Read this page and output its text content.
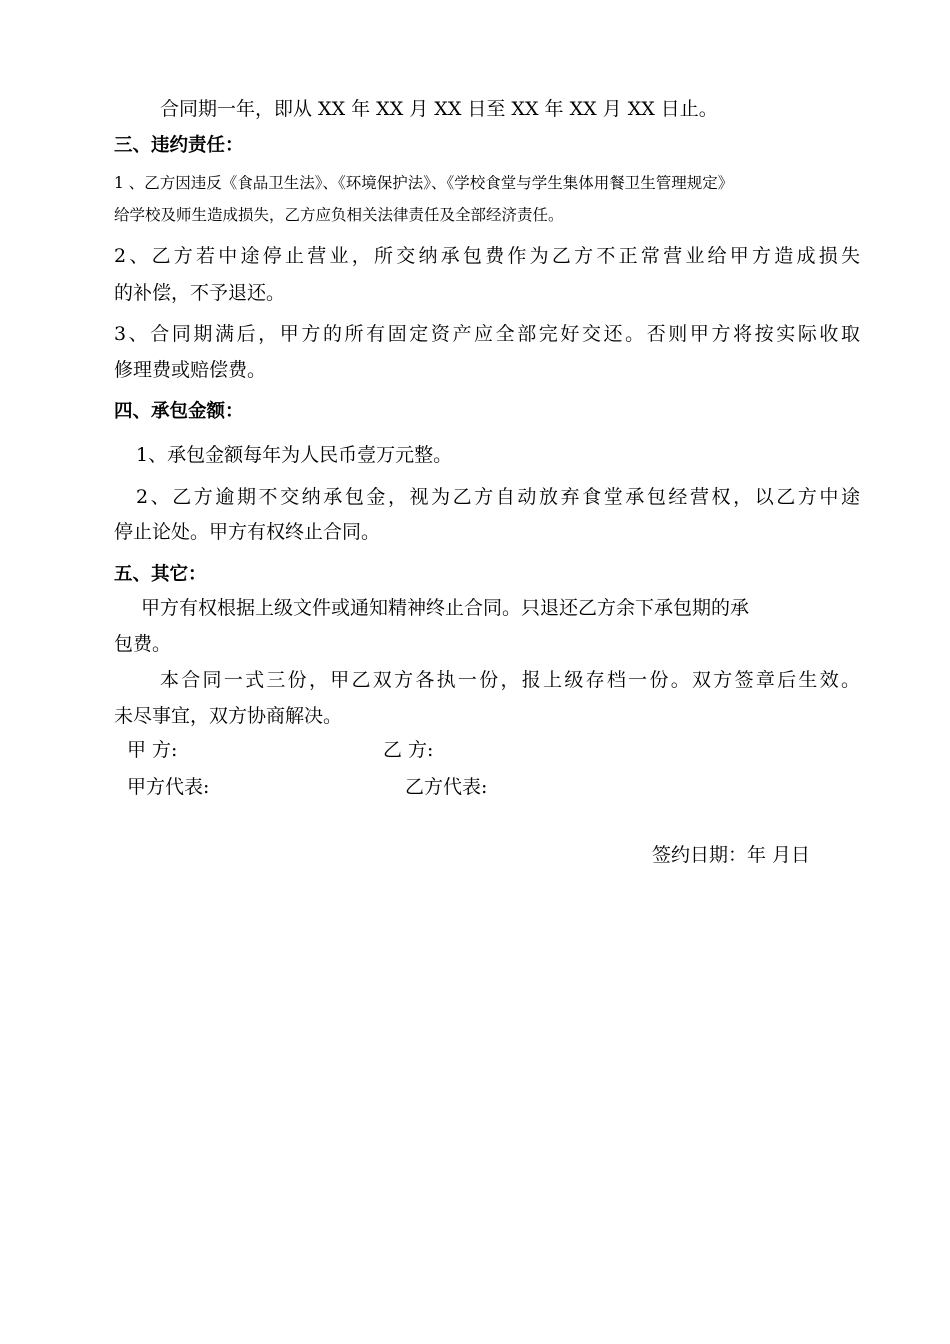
合同期一年，即从 XX 年 XX 月 XX 日至 XX 年 XX 月 XX 日止。
三、违约责任：
1 、乙方因违反《食品卫生法》、《环境保护法》、《学校食堂与学生集体用餐卫生管理规定》
给学校及师生造成损失，乙方应负相关法律责任及全部经济责任。
2、乙方若中途停止营业，所交纳承包费作为乙方不正常营业给甲方造成损失
的补偿，不予退还。
3、合同期满后，甲方的所有固定资产应全部完好交还。否则甲方将按实际收取
修理费或赔偿费。
四、承包金额：
1、承包金额每年为人民币壹万元整。
2、乙方逾期不交纳承包金，视为乙方自动放弃食堂承包经营权，以乙方中途
停止论处。甲方有权终止合同。
五、其它：
甲方有权根据上级文件或通知精神终止合同。只退还乙方余下承包期的承
包费。
本合同一式三份，甲乙双方各执一份，报上级存档一份。双方签章后生效。
未尽事宜，双方协商解决。
甲 方:	乙 方:
甲方代表:	乙方代表:
签约日期：年 月日
